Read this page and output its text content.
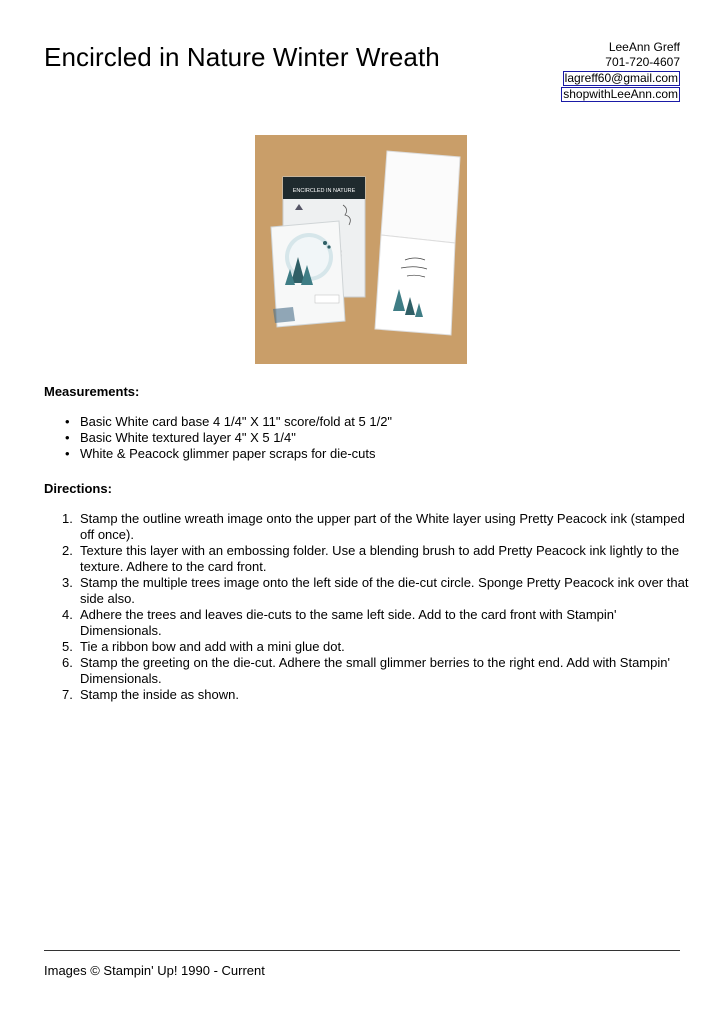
Encircled in Nature Winter Wreath	LeeAnn Greff
701-720-4607
lagreff60@gmail.com
shopwithLeeAnn.com
ENCIRCLED IN NATURE
Measurements:
• Basic White card base 4 1/4" X 11" score/fold at 5 1/2"
• Basic White textured layer 4" X 5 1/4"
• White & Peacock glimmer paper scraps for die-cuts
Directions:
1. Stamp the outline wreath image onto the upper part of the White layer using Pretty Peacock ink (stamped off once).
2. Texture this layer with an embossing folder. Use a blending brush to add Pretty Peacock ink lightly to the texture. Adhere to the card front.
3. Stamp the multiple trees image onto the left side of the die-cut circle. Sponge Pretty Peacock ink over that side also.
4. Adhere the trees and leaves die-cuts to the same left side. Add to the card front with Stampin' Dimensionals.
5. Tie a ribbon bow and add with a mini glue dot.
6. Stamp the greeting on the die-cut. Adhere the small glimmer berries to the right end. Add with Stampin' Dimensionals.
7. Stamp the inside as shown.
Images © Stampin' Up! 1990 - Current
